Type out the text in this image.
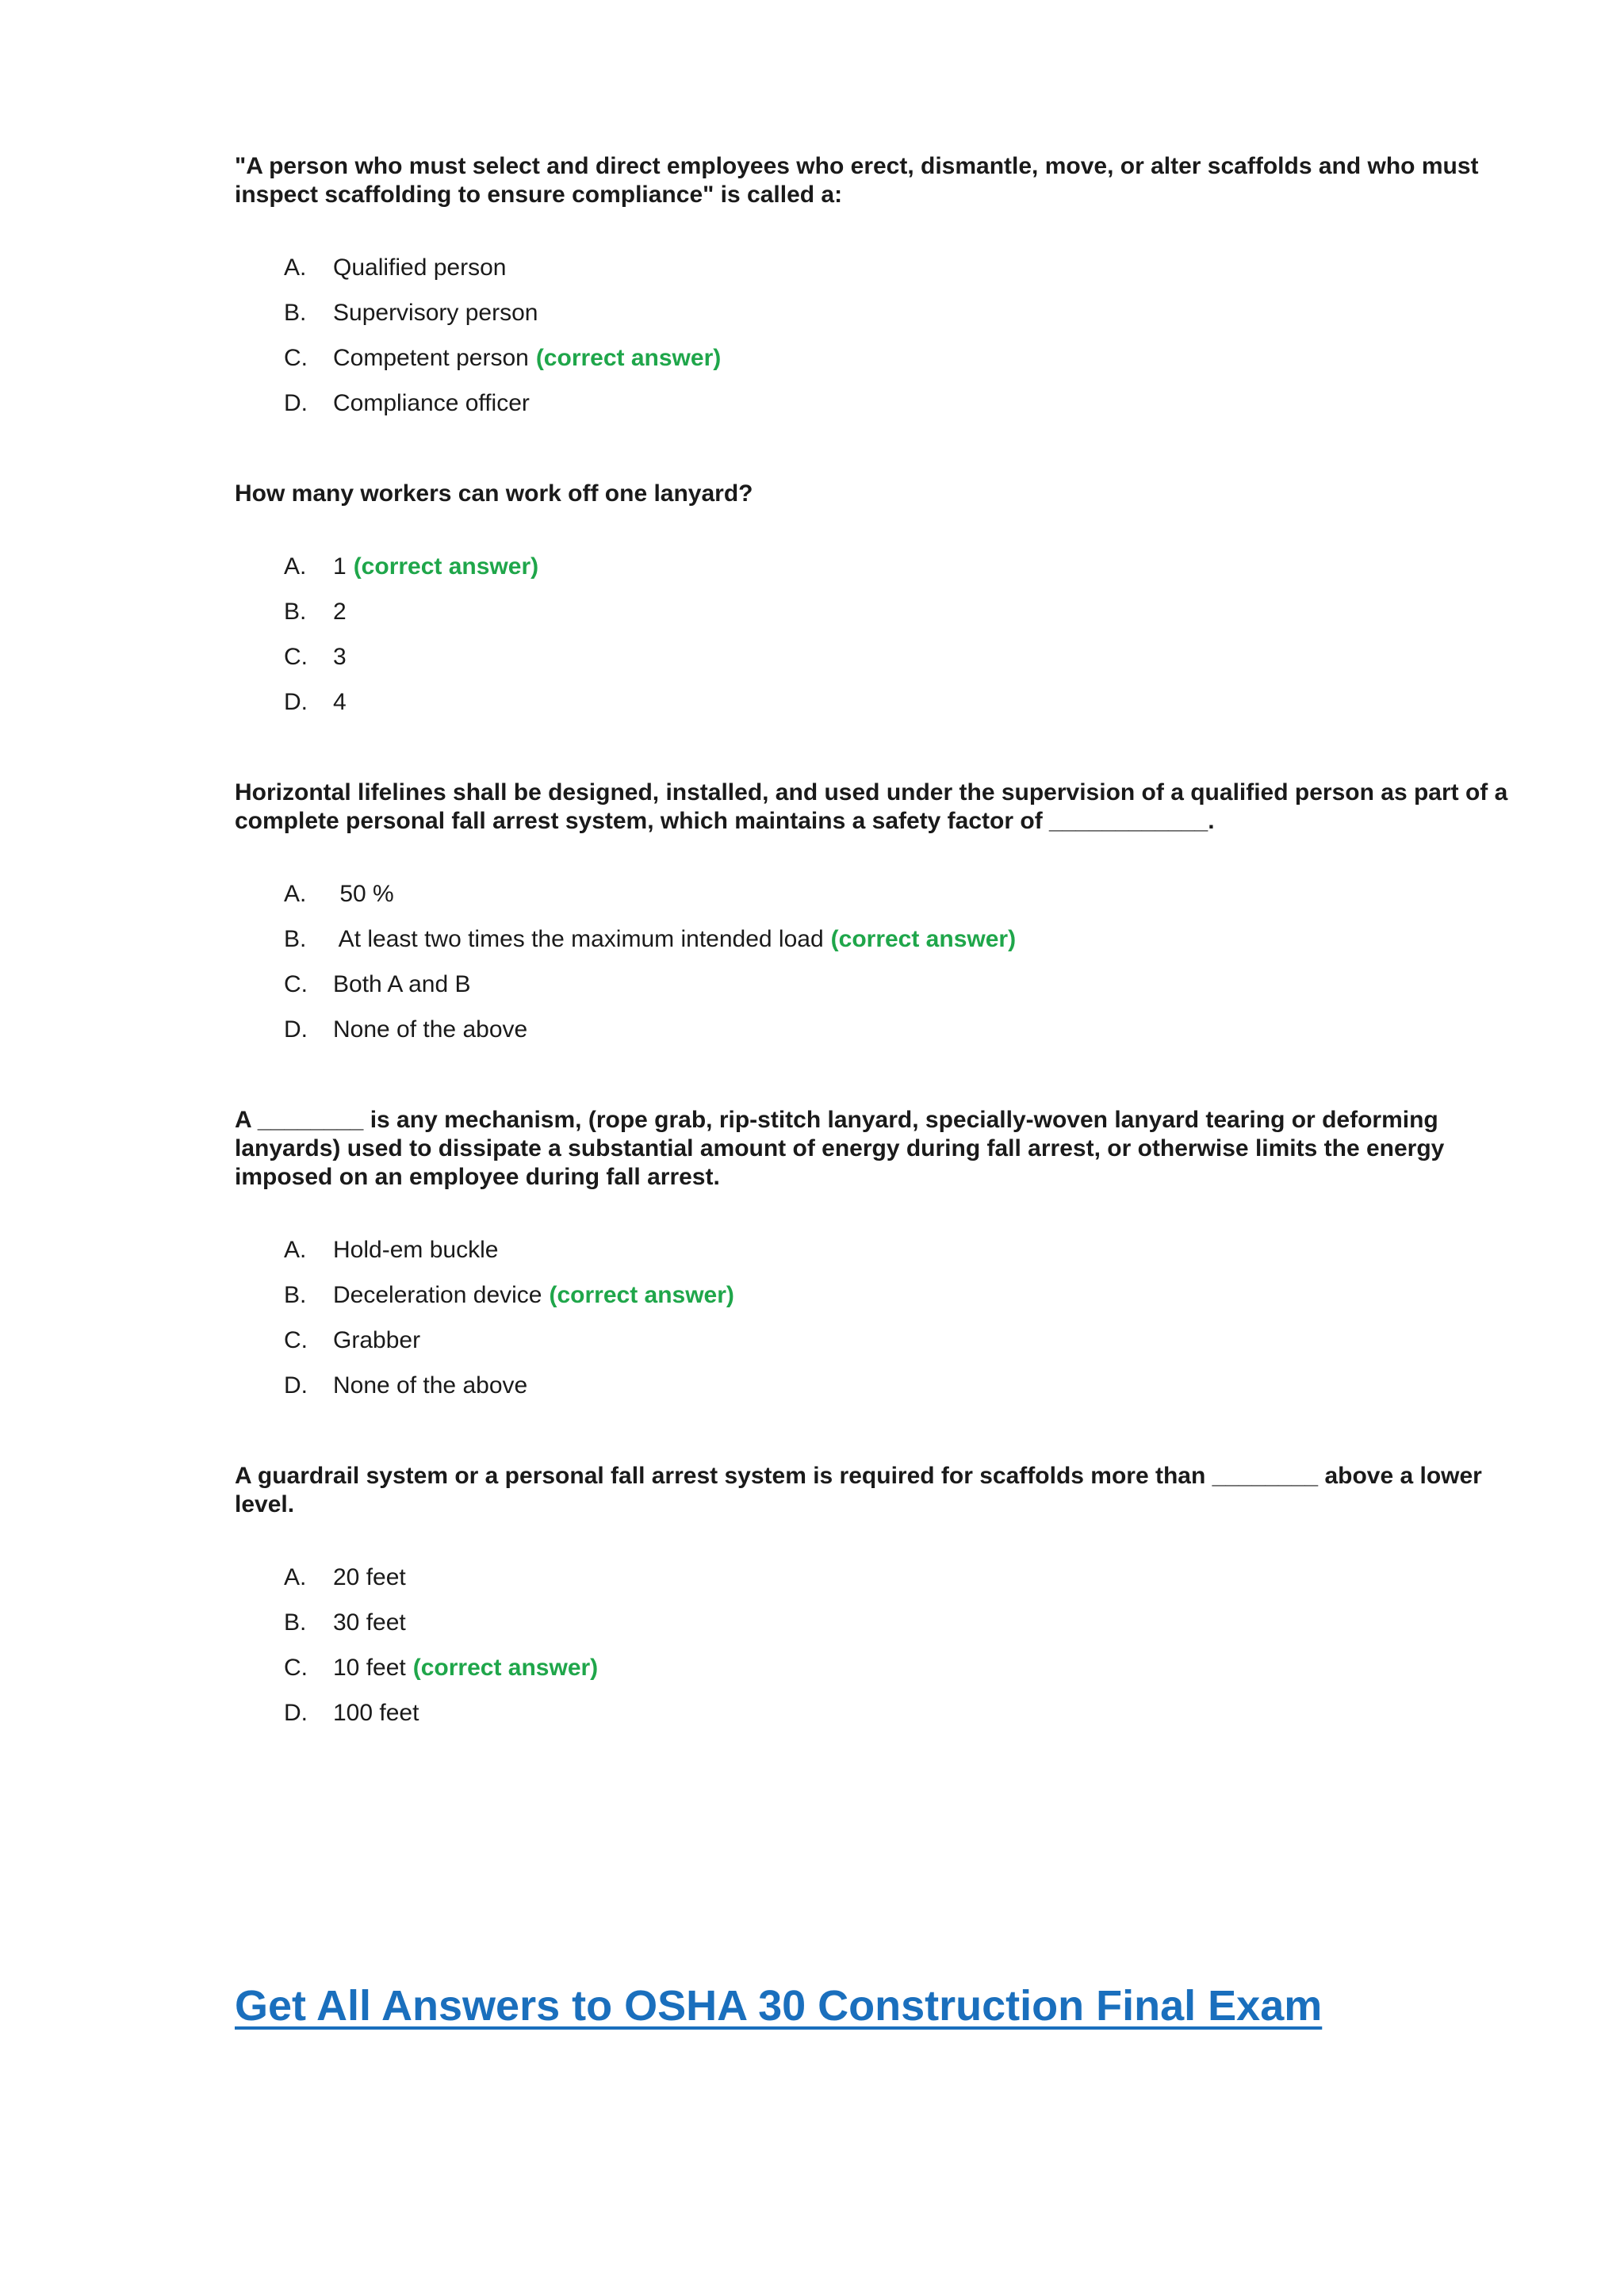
"A person who must select and direct employees who erect, dismantle, move, or alter scaffolds and who must inspect scaffolding to ensure compliance" is called a:

A.	Qualified person
B.	Supervisory person
C.	Competent person (correct answer)
D.	Compliance officer

How many workers can work off one lanyard?

A.	1 (correct answer)
B.	2
C.	3
D.	4

Horizontal lifelines shall be designed, installed, and used under the supervision of a qualified person as part of a complete personal fall arrest system, which maintains a safety factor of ____________.

A.	50 %
B.	At least two times the maximum intended load (correct answer)
C.	Both A and B
D.	None of the above

A ________ is any mechanism, (rope grab, rip-stitch lanyard, specially-woven lanyard tearing or deforming lanyards) used to dissipate a substantial amount of energy during fall arrest, or otherwise limits the energy imposed on an employee during fall arrest.

A.	Hold-em buckle
B.	Deceleration device (correct answer)
C.	Grabber
D.	None of the above

A guardrail system or a personal fall arrest system is required for scaffolds more than ________ above a lower level.

A.	20 feet
B.	30 feet
C.	10 feet (correct answer)
D.	100 feet
Get All Answers to OSHA 30 Construction Final Exam
